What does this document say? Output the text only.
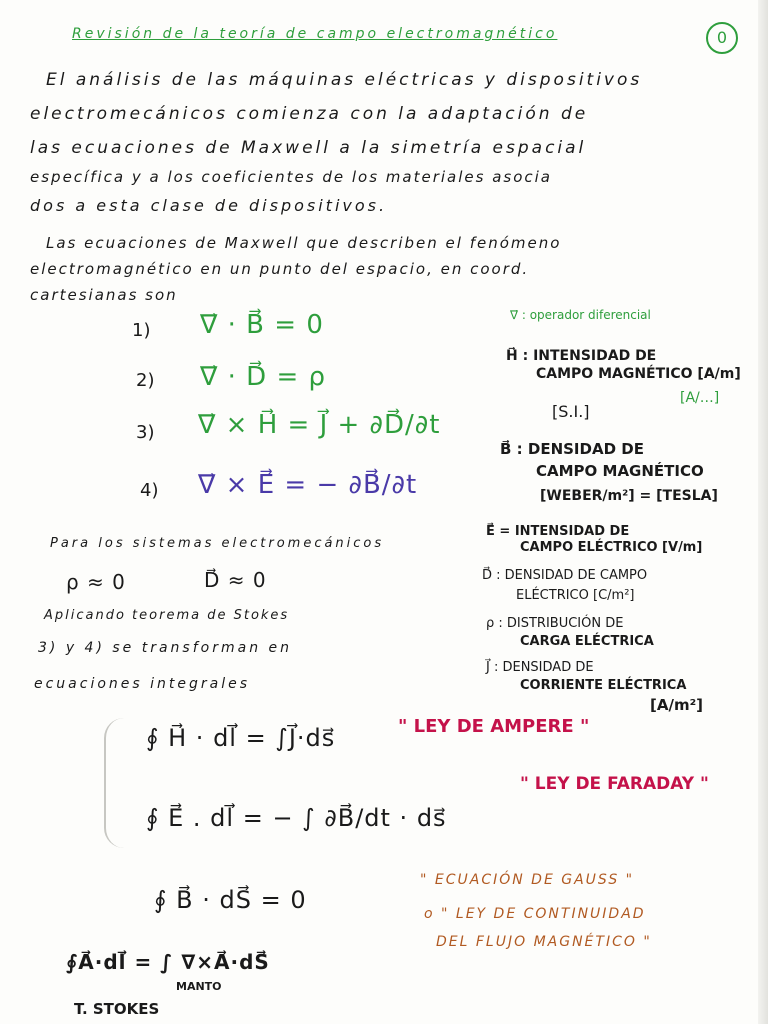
Revisión de la teoría de campo electromagnético	0
El análisis de las máquinas eléctricas y dispositivos
electromecánicos comienza con la adaptación de
las ecuaciones de Maxwell a la simetría espacial
específica y a los coeficientes de los materiales asocia
dos a esta clase de dispositivos.
Las ecuaciones de Maxwell que describen el fenómeno
electromagnético en un punto del espacio, en coord.
cartesianas son
1) ∇⃗ · B⃗ = 0
2) ∇⃗ · D⃗ = ρ
3) ∇⃗ × H⃗ = J⃗ + ∂D⃗/∂t
4) ∇⃗ × E⃗ = − ∂B⃗/∂t
∇⃗ : operador diferencial
H⃗ : INTENSIDAD DE
CAMPO MAGNÉTICO [A/m]
[S.I.]
[A/…]
B⃗ : DENSIDAD DE
CAMPO MAGNÉTICO
[WEBER/m²] = [TESLA]
E⃗ = INTENSIDAD DE
CAMPO ELÉCTRICO [V/m]
D⃗ : DENSIDAD DE CAMPO
ELÉCTRICO [C/m²]
ρ : DISTRIBUCIÓN DE
CARGA ELÉCTRICA
J⃗ : DENSIDAD DE
CORRIENTE ELÉCTRICA
[A/m²]
Para los sistemas electromecánicos
ρ ≈ 0	D⃗ ≈ 0
Aplicando teorema de Stokes
3) y 4) se transforman en
ecuaciones integrales
∮ H⃗ · dl⃗ = ∫J⃗·ds⃗	" LEY DE AMPERE "
∮ E⃗ . dl⃗ = − ∫ ∂B⃗/dt · ds⃗
" LEY DE FARADAY "
∮ B⃗ · dS⃗ = 0
" ECUACIÓN DE GAUSS "
o " LEY DE CONTINUIDAD
DEL FLUJO MAGNÉTICO "
∮A⃗·dl⃗ = ∫ ∇×A⃗·dS⃗
MANTO
T. STOKES
